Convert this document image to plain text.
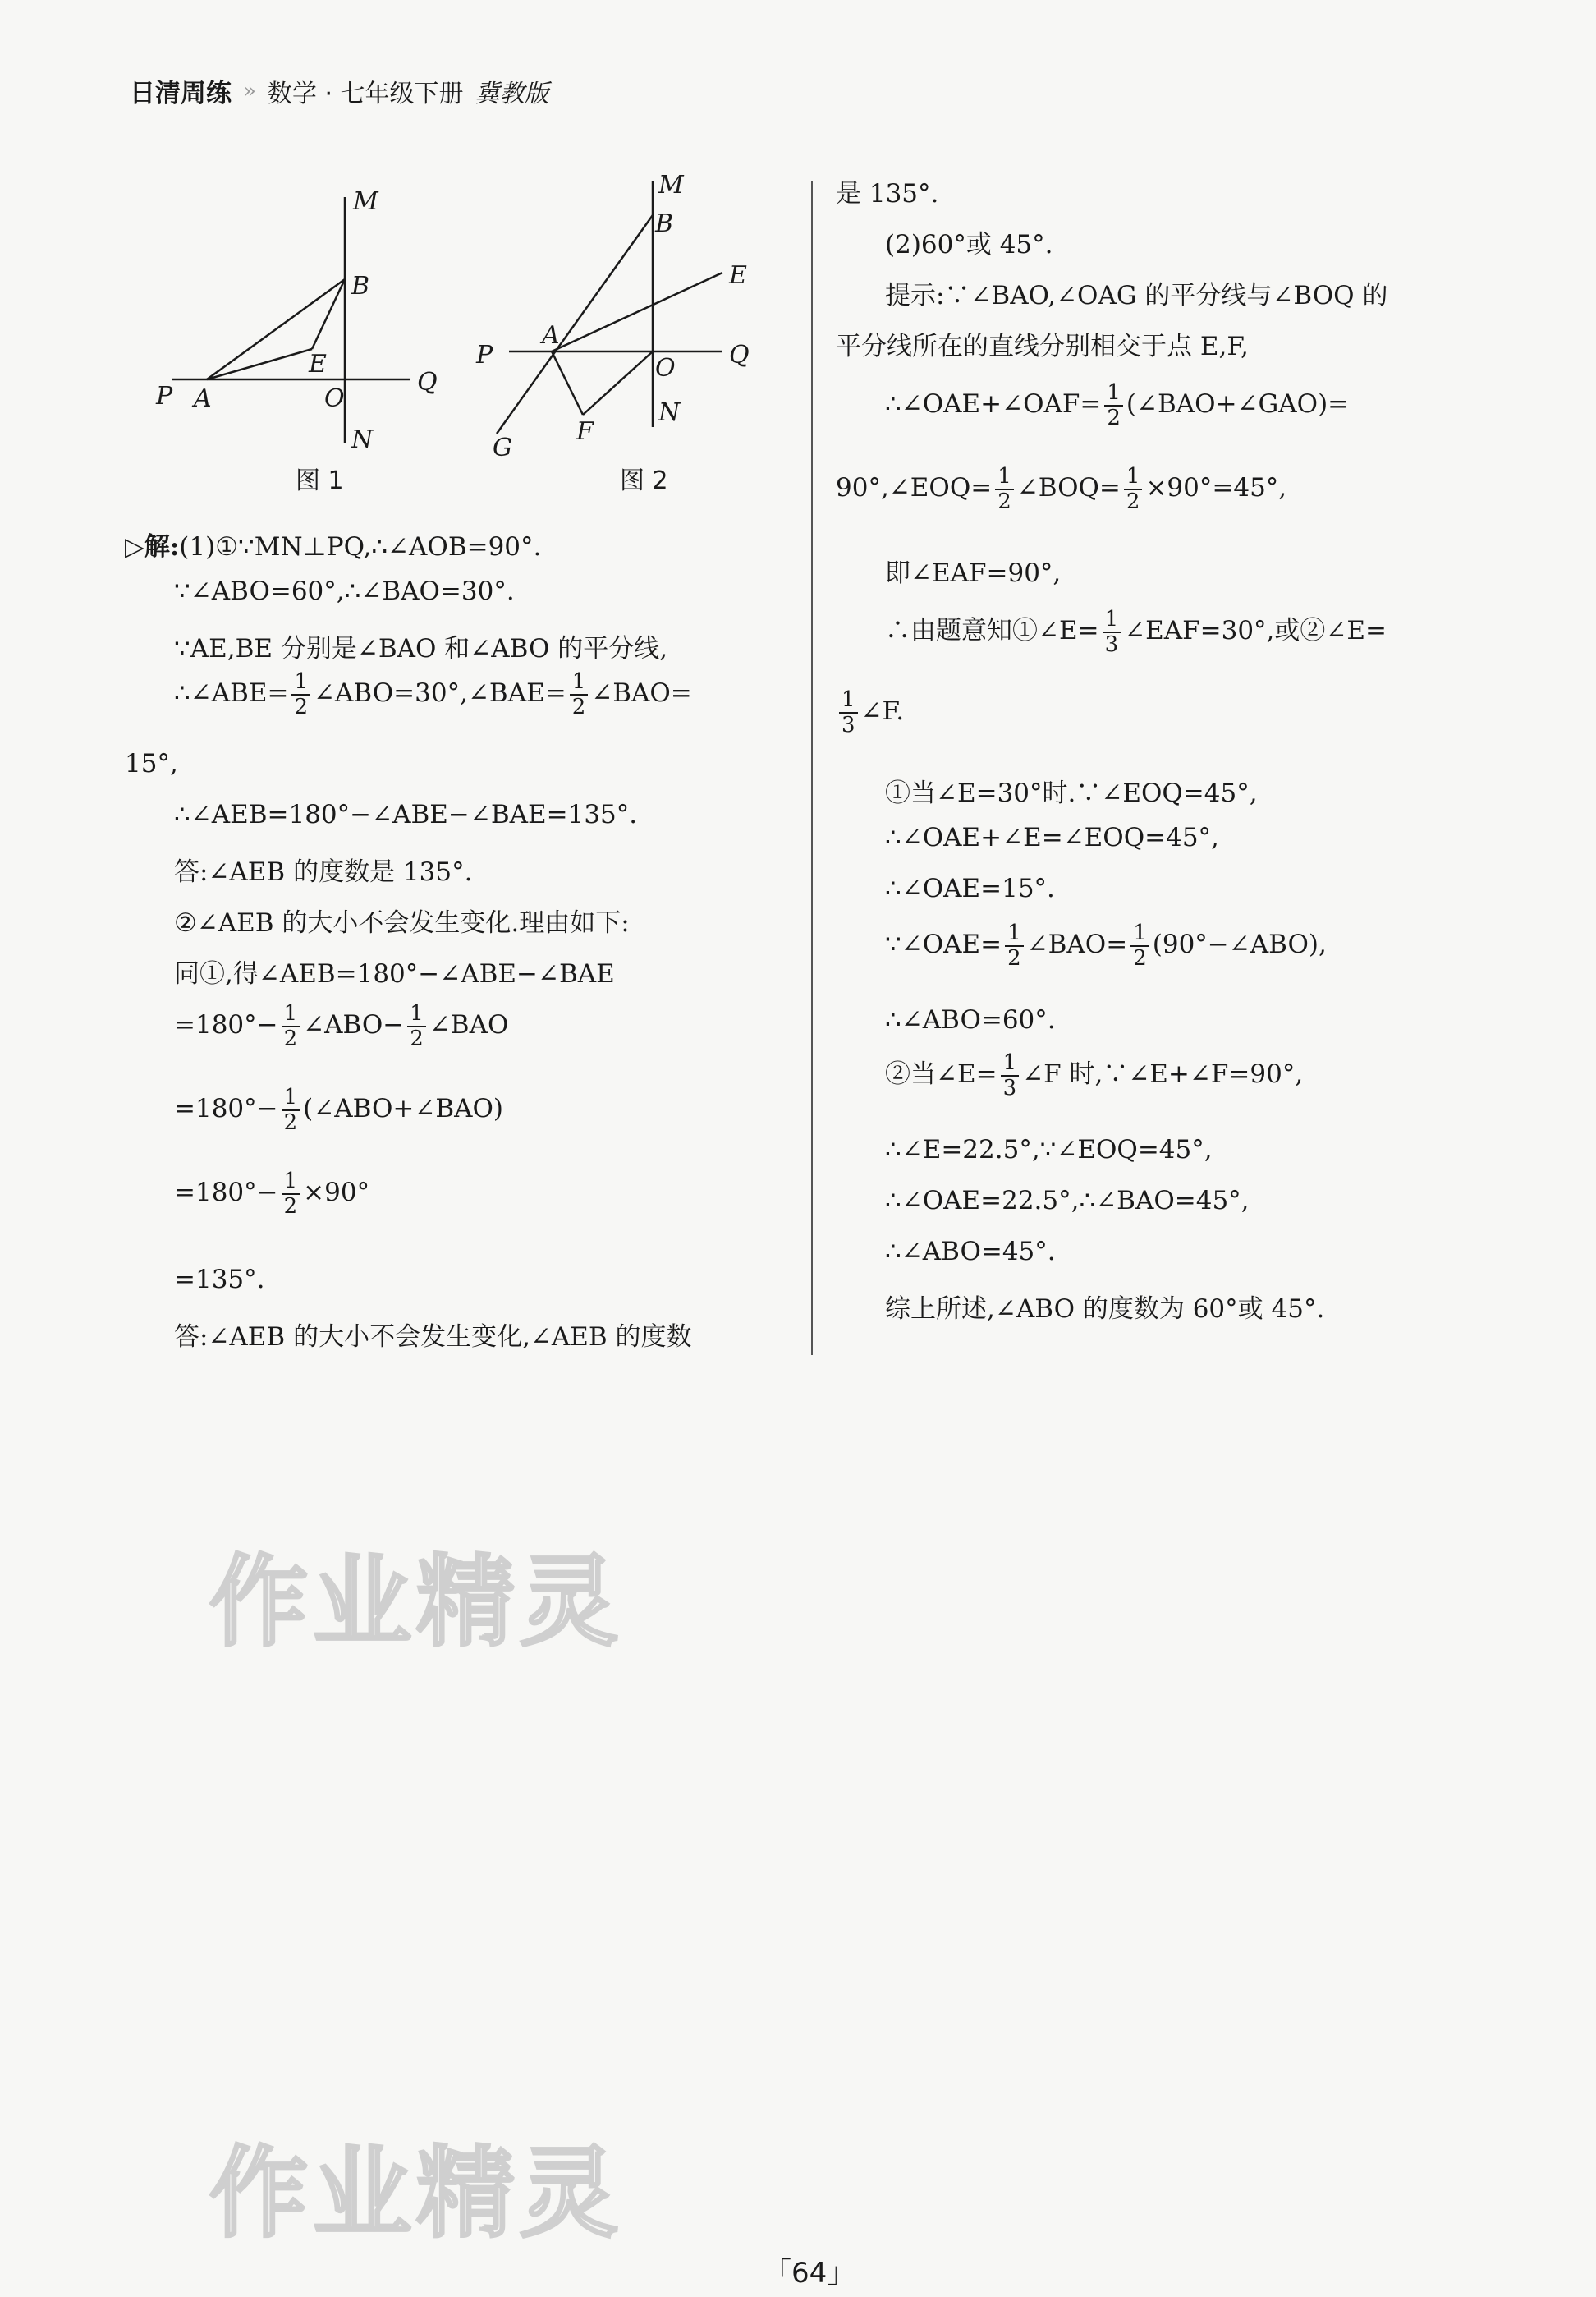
日清周练 » 数学 · 七年级下册 冀教版
M
B
E
P A	O
Q
N
图 1
M
B
E
P
A
O Q
G
F
N
图 2
▷解:(1)①∵MN⊥PQ,∴∠AOB=90°.
∵∠ABO=60°,∴∠BAO=30°.
∵AE,BE 分别是∠BAO 和∠ABO 的平分线,
∴∠ABE= $\frac{1}{2}$ ∠ABO=30°,∠BAE= $\frac{1}{2}$ ∠BAO=
15°,
∴∠AEB=180°−∠ABE−∠BAE=135°.
答:∠AEB 的度数是 135°.
②∠AEB 的大小不会发生变化.理由如下:
同①,得∠AEB=180°−∠ABE−∠BAE
$=180^\circ- \frac{1}{2}$ ∠ABO− $\frac{1}{2}$ ∠BAO
$=180^\circ- \frac{1}{2}$ (∠ABO+∠BAO)
$=180^\circ- \frac{1}{2} \times 90^\circ$
=135°.
答:∠AEB 的大小不会发生变化,∠AEB 的度数
是 135°.
(2)60°或 45°.
提示:∵∠BAO,∠OAG 的平分线与∠BOQ 的
平分线所在的直线分别相交于点 E,F,
∴∠OAE+∠OAF= $\frac{1}{2}$ (∠BAO+∠GAO)=
90°,∠EOQ= $\frac{1}{2}$ ∠BOQ= $\frac{1}{2} \times 90^\circ=45^\circ$,
即∠EAF=90°,
∴由题意知①∠E= $\frac{1}{3}$ ∠EAF=30°,或②∠E=
$\frac{1}{3}$ ∠F.
①当∠E=30°时.∵∠EOQ=45°,
∴∠OAE+∠E=∠EOQ=45°,
∴∠OAE=15°.
∵∠OAE= $\frac{1}{2}$ ∠BAO= $\frac{1}{2}$ (90°−∠ABO),
∴∠ABO=60°.
②当∠E= $\frac{1}{3}$ ∠F 时,∵∠E+∠F=90°,
∴∠E=22.5°,∵∠EOQ=45°,
∴∠OAE=22.5°,∴∠BAO=45°,
∴∠ABO=45°.
综上所述,∠ABO 的度数为 60°或 45°.
作业精灵
作业精灵
「64」
